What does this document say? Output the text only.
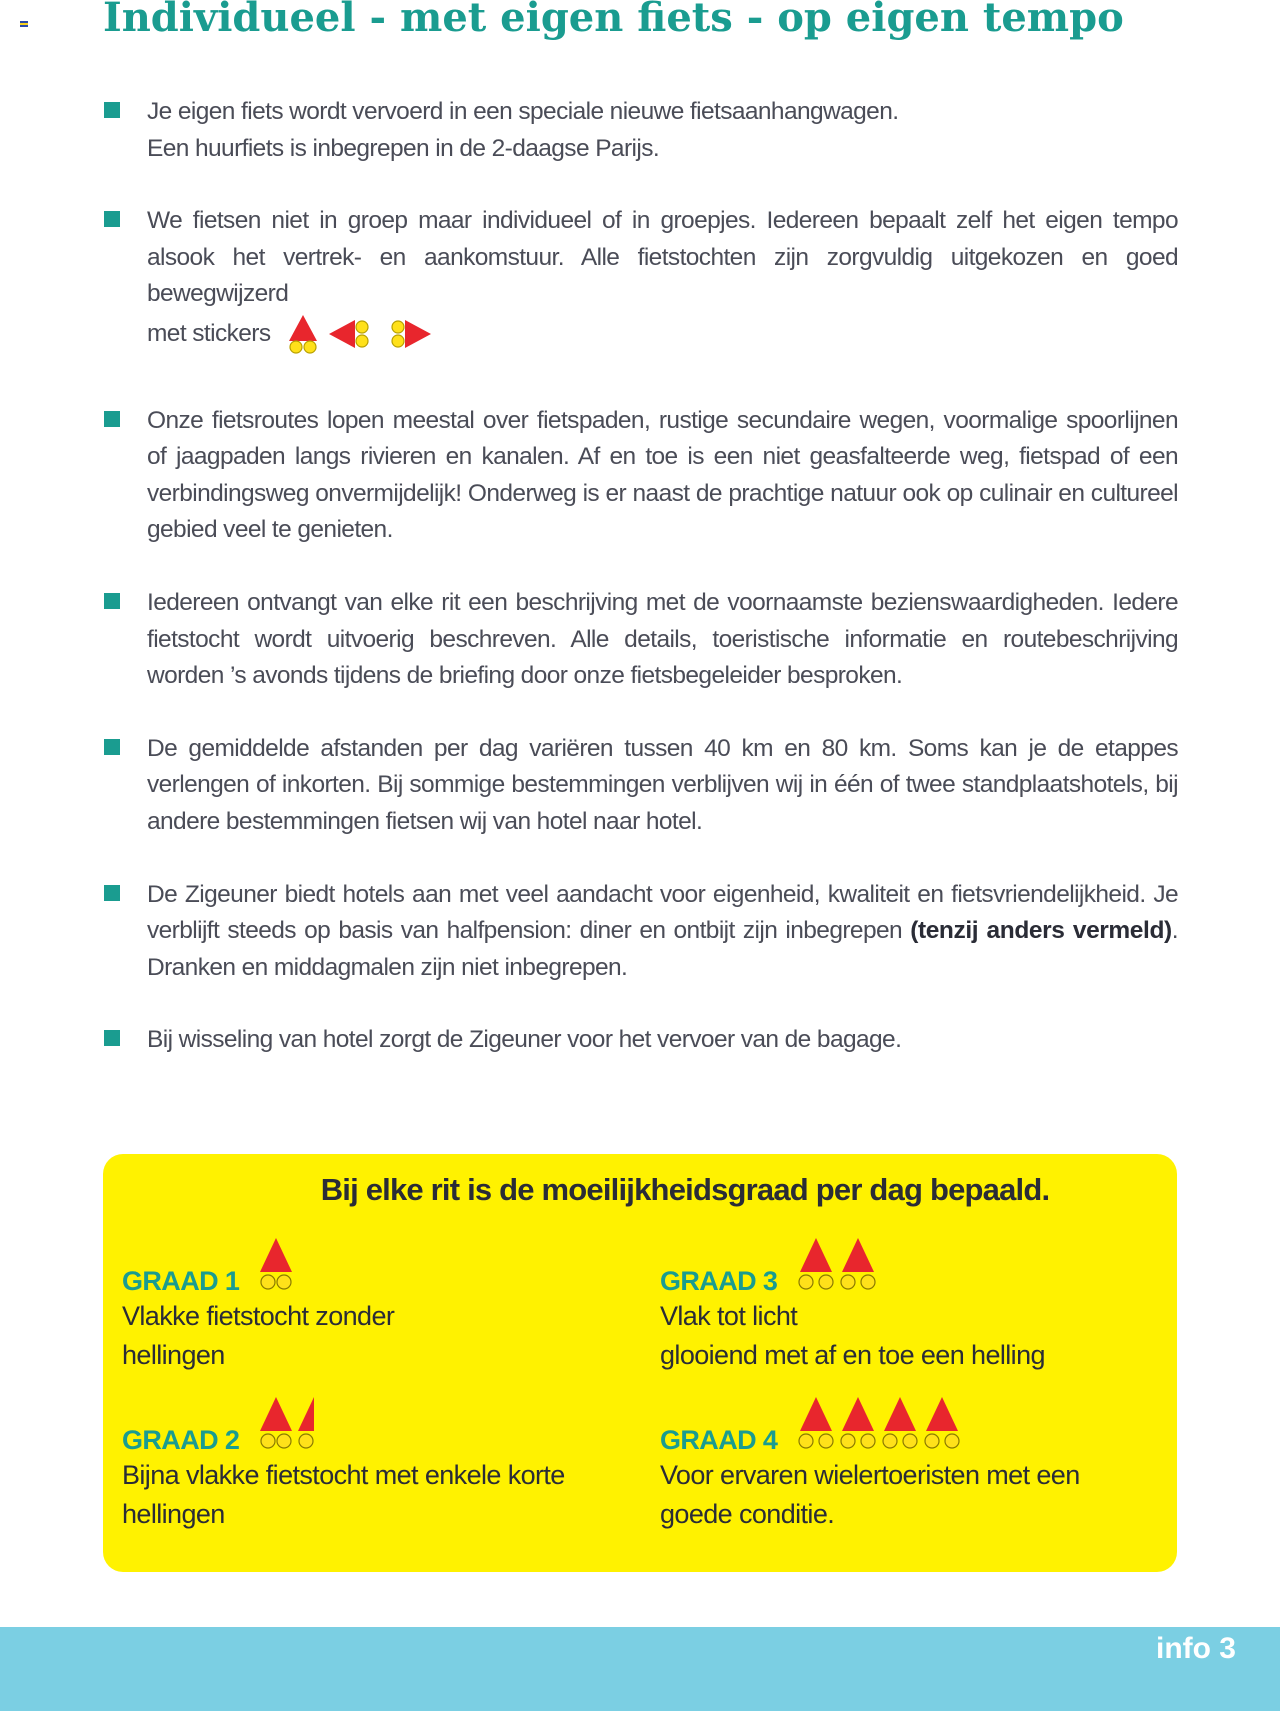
Individueel - met eigen fiets - op eigen tempo

Je eigen fiets wordt vervoerd in een speciale nieuwe fietsaanhangwagen.
Een huurfiets is inbegrepen in de 2-daagse Parijs.

We fietsen niet in groep maar individueel of in groepjes. Iedereen bepaalt zelf het eigen tempo alsook het vertrek- en aankomstuur. Alle fietstochten zijn zorgvuldig uitgekozen en goed bewegwijzerd
met stickers

Onze fietsroutes lopen meestal over fietspaden, rustige secundaire wegen, voormalige spoorlijnen of jaagpaden langs rivieren en kanalen. Af en toe is een niet geasfalteerde weg, fietspad of een verbindingsweg onvermijdelijk! Onderweg is er naast de prachtige natuur ook op culinair en cultureel gebied veel te genieten.

Iedereen ontvangt van elke rit een beschrijving met de voornaamste bezienswaardigheden. Iedere fietstocht wordt uitvoerig beschreven. Alle details, toeristische informatie en routebeschrijving worden ’s avonds tijdens de briefing door onze fietsbegeleider besproken.

De gemiddelde afstanden per dag variëren tussen 40 km en 80 km. Soms kan je de etappes verlengen of inkorten. Bij sommige bestemmingen verblijven wij in één of twee standplaatshotels, bij andere bestemmingen fietsen wij van hotel naar hotel.

De Zigeuner biedt hotels aan met veel aandacht voor eigenheid, kwaliteit en fietsvriendelijkheid. Je verblijft steeds op basis van halfpension: diner en ontbijt zijn inbegrepen (tenzij anders vermeld). Dranken en middagmalen zijn niet inbegrepen.

Bij wisseling van hotel zorgt de Zigeuner voor het vervoer van de bagage.

Bij elke rit is de moeilijkheidsgraad per dag bepaald.
GRAAD 1
Vlakke fietstocht zonder
hellingen
GRAAD 2
Bijna vlakke fietstocht met enkele korte
hellingen
GRAAD 3
Vlak tot licht
glooiend met af en toe een helling
GRAAD 4
Voor ervaren wielertoeristen met een
goede conditie.
info 3
